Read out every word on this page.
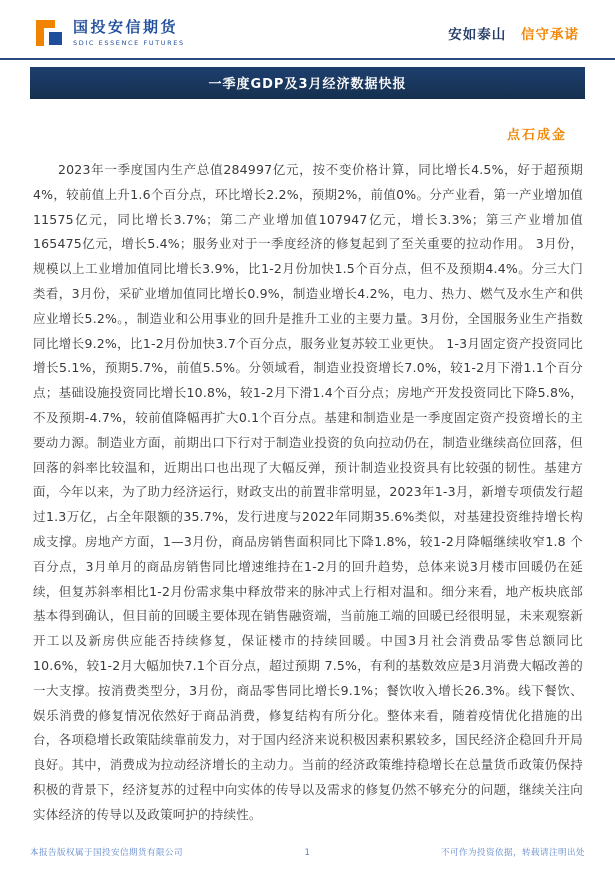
国投安信期货
SDIC ESSENCE FUTURES	安如泰山 信守承诺
一季度GDP及3月经济数据快报
点石成金

2023年一季度国内生产总值284997亿元，按不变价格计算，同比增长4.5%，好于超预期4%，较前值上升1.6个百分点，环比增长2.2%，预期2%，前值0%。分产业看，第一产业增加值11575亿元，同比增长3.7%；第二产业增加值107947亿元，增长3.3%；第三产业增加值165475亿元，增长5.4%；服务业对于一季度经济的修复起到了至关重要的拉动作用。 3月份，规模以上工业增加值同比增长3.9%，比1-2月份加快1.5个百分点，但不及预期4.4%。分三大门类看，3月份，采矿业增加值同比增长0.9%，制造业增长4.2%，电力、热力、燃气及水生产和供应业增长5.2%。，制造业和公用事业的回升是推升工业的主要力量。3月份，全国服务业生产指数同比增长9.2%，比1-2月份加快3.7个百分点，服务业复苏较工业更快。 1-3月固定资产投资同比增长5.1%，预期5.7%，前值5.5%。分领域看，制造业投资增长7.0%，较1-2月下滑1.1个百分点；基础设施投资同比增长10.8%，较1-2月下滑1.4个百分点；房地产开发投资同比下降5.8%，不及预期-4.7%，较前值降幅再扩大0.1个百分点。基建和制造业是一季度固定资产投资增长的主要动力源。制造业方面，前期出口下行对于制造业投资的负向拉动仍在，制造业继续高位回落，但回落的斜率比较温和，近期出口也出现了大幅反弹，预计制造业投资具有比较强的韧性。基建方面，今年以来，为了助力经济运行，财政支出的前置非常明显，2023年1-3月，新增专项债发行超过1.3万亿，占全年限额的35.7%，发行进度与2022年同期35.6%类似，对基建投资维持增长构成支撑。房地产方面，1—3月份，商品房销售面积同比下降1.8%，较1-2月降幅继续收窄1.8 个百分点，3月单月的商品房销售同比增速维持在1-2月的回升趋势，总体来说3月楼市回暖仍在延续，但复苏斜率相比1-2月份需求集中释放带来的脉冲式上行相对温和。细分来看，地产板块底部基本得到确认，但目前的回暖主要体现在销售融资端，当前施工端的回暖已经很明显，未来观察新开工以及新房供应能否持续修复，保证楼市的持续回暖。中国3月社会消费品零售总额同比 10.6%，较1-2月大幅加快7.1个百分点，超过预期 7.5%，有利的基数效应是3月消费大幅改善的一大支撑。按消费类型分，3月份，商品零售同比增长9.1%；餐饮收入增长26.3%。线下餐饮、娱乐消费的修复情况依然好于商品消费，修复结构有所分化。整体来看，随着疫情优化措施的出台，各项稳增长政策陆续靠前发力，对于国内经济来说积极因素积累较多，国民经济企稳回升开局良好。其中，消费成为拉动经济增长的主动力。当前的经济政策维持稳增长在总量货币政策仍保持积极的背景下，经济复苏的过程中向实体的传导以及需求的修复仍然不够充分的问题，继续关注向实体经济的传导以及政策呵护的持续性。

本报告版权属于国投安信期货有限公司	1	不可作为投资依据，转载请注明出处
